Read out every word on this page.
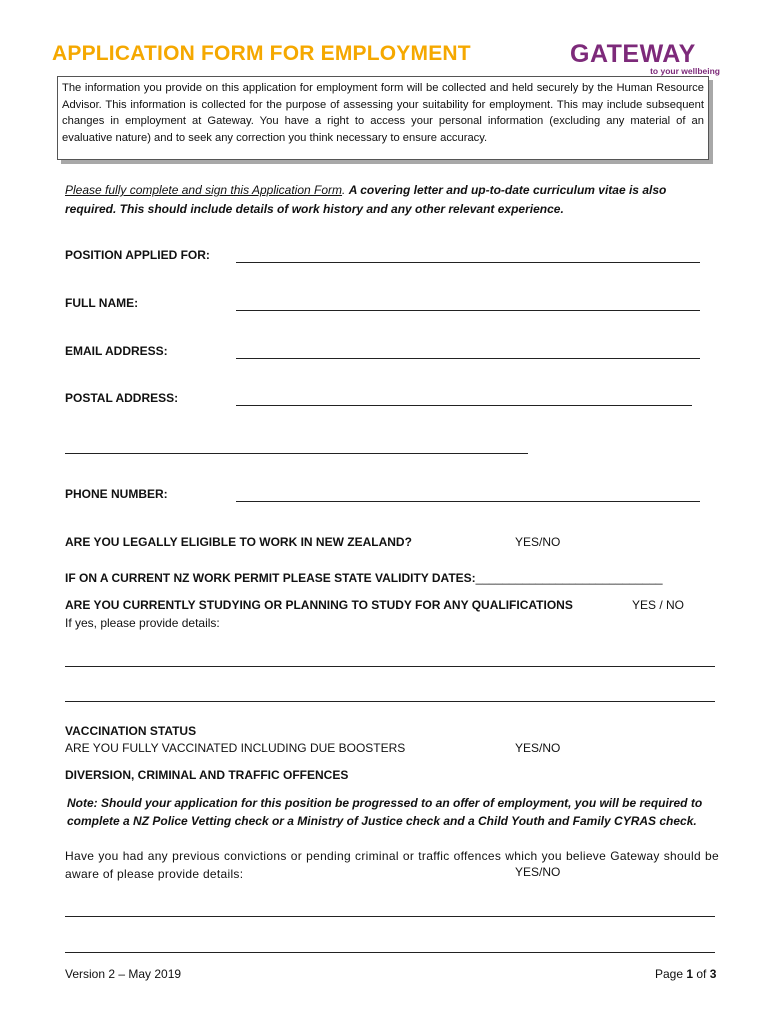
APPLICATION FORM FOR EMPLOYMENT	GATEWAY
to your wellbeing
The information you provide on this application for employment form will be collected and held securely by the Human Resource Advisor. This information is collected for the purpose of assessing your suitability for employment. This may include subsequent changes in employment at Gateway. You have a right to access your personal information (excluding any material of an evaluative nature) and to seek any correction you think necessary to ensure accuracy.
Please fully complete and sign this Application Form. A covering letter and up-to-date curriculum vitae is also required. This should include details of work history and any other relevant experience.
POSITION APPLIED FOR:
FULL NAME:
EMAIL ADDRESS:
POSTAL ADDRESS:
PHONE NUMBER:
ARE YOU LEGALLY ELIGIBLE TO WORK IN NEW ZEALAND?	YES/NO
IF ON A CURRENT NZ WORK PERMIT PLEASE STATE VALIDITY DATES:____________________________
ARE YOU CURRENTLY STUDYING OR PLANNING TO STUDY FOR ANY QUALIFICATIONS	YES / NO
If yes, please provide details:
VACCINATION STATUS
ARE YOU FULLY VACCINATED INCLUDING DUE BOOSTERS	YES/NO
DIVERSION, CRIMINAL AND TRAFFIC OFFENCES
Note: Should your application for this position be progressed to an offer of employment, you will be required to complete a NZ Police Vetting check or a Ministry of Justice check and a Child Youth and Family CYRAS check.
Have you had any previous convictions or pending criminal or traffic offences which you believe Gateway should be aware of please provide details:	YES/NO
Version 2 – May 2019	Page 1 of 3
